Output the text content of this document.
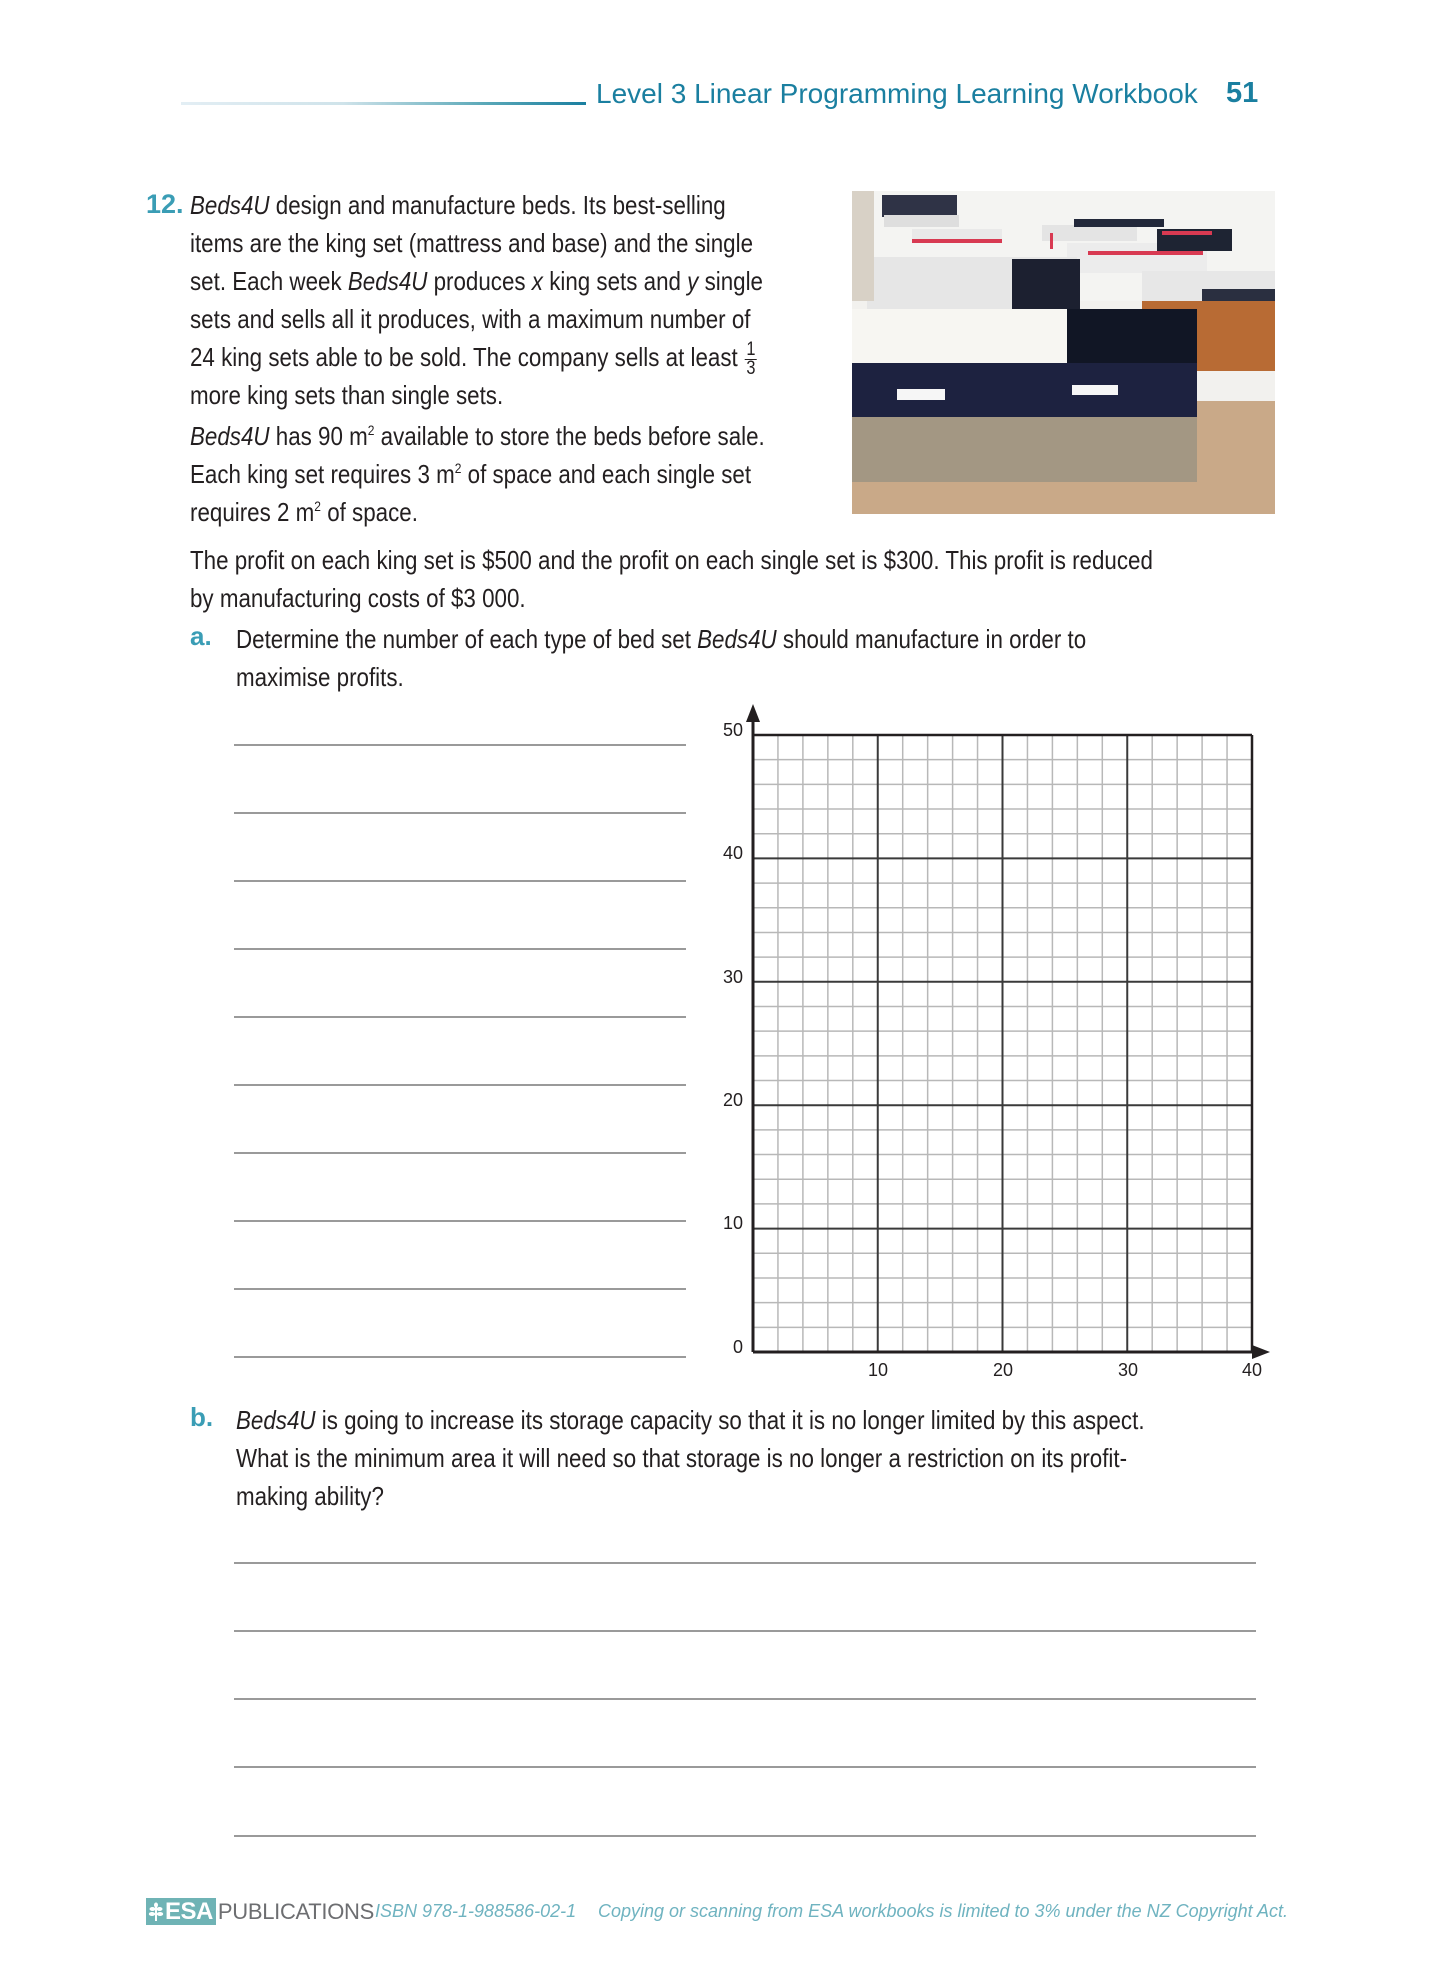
Level 3 Linear Programming Learning Workbook 51
12. Beds4U design and manufacture beds. Its best-selling
items are the king set (mattress and base) and the single
set. Each week Beds4U produces x king sets and y single
sets and sells all it produces, with a maximum number of
24 king sets able to be sold. The company sells at least $\frac{1}{3}$
more king sets than single sets.
Beds4U has 90 $m^2$ available to store the beds before sale.
Each king set requires 3 $m^2$ of space and each single set
requires 2 $m^2$ of space.
The profit on each king set is $500 and the profit on each single set is $300. This profit is reduced
by manufacturing costs of $3 000.
a. Determine the number of each type of bed set Beds4U should manufacture in order to
maximise profits.
50
40
30
20
10
0
10	20	30	40
b. Beds4U is going to increase its storage capacity so that it is no longer limited by this aspect.
What is the minimum area it will need so that storage is no longer a restriction on its profit-
making ability?
ESA PUBLICATIONS ISBN 978-1-988586-02-1 Copying or scanning from ESA workbooks is limited to 3% under the NZ Copyright Act.
